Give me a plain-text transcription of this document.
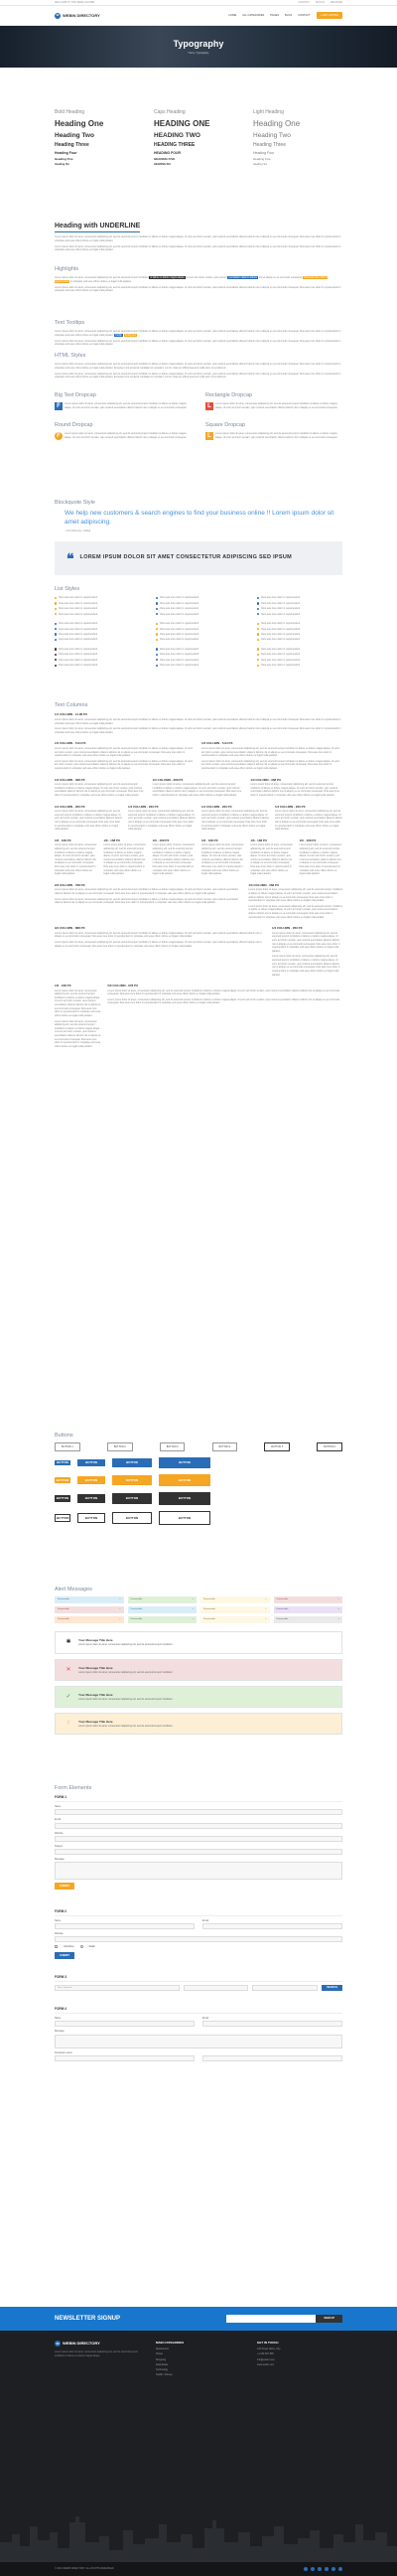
WELCOME TO THE MEDIA CENTER	CONTACT	SIGN IN	REGISTER
W WEBIN DIRECTORY	HOME ALL CATEGORIES PAGES BLOG CONTACT	+ ADD LISTING
Typography
Home / Typography
Bold Heading
Heading One
Heading Two
Heading Three
Heading Four
Heading Five
Heading Six
Caps Heading
HEADING ONE
HEADING TWO
HEADING THREE
HEADING FOUR
HEADING FIVE
HEADING SIX
Light Heading
Heading One
Heading Two
Heading Three
Heading Four
Heading Five
Heading Six
Heading with UNDERLINE

Lorem ipsum dolor sit amet, consectetur adipiscing elit, sed do eiusmod tempor incididunt ut labore et dolore magna aliqua. Ut enim ad minim veniam, quis nostrud exercitation ullamco laboris nisi ut aliquip ex ea commodo consequat. Duis aute irure dolor in reprehenderit in voluptate velit esse cillum dolore eu fugiat nulla pariatur.

Lorem ipsum dolor sit amet, consectetur adipiscing elit, sed do eiusmod tempor incididunt ut labore et dolore magna aliqua. Ut enim ad minim veniam, quis nostrud exercitation ullamco laboris nisi ut aliquip ex ea commodo consequat. Duis aute irure dolor in reprehenderit in voluptate velit esse cillum dolore eu fugiat nulla pariatur.

Highlights

Lorem ipsum dolor sit amet, consectetur adipiscing elit, sed do eiusmod tempor incididunt ut labore et dolore magna aliqua Ut enim ad minim veniam, quis nostrud exercitation ullamco laboris nisi ut aliquip ex ea commodo consequat. Duis aute irure dolor in reprehenderit in voluptate velit esse cillum dolore eu fugiat nulla pariatur.

Lorem ipsum dolor sit amet, consectetur adipiscing elit, sed do eiusmod tempor incididunt ut labore et dolore magna aliqua. Ut enim ad minim veniam, quis nostrud exercitation ullamco laboris nisi ut aliquip ex ea commodo consequat. Duis aute irure dolor in reprehenderit in voluptate velit esse cillum dolore eu fugiat nulla pariatur.

Text Tooltips

Lorem ipsum dolor sit amet, consectetur adipiscing elit, sed do eiusmod tempor incididunt ut labore et dolore magna aliqua. Ut enim ad minim veniam, quis nostrud exercitation ullamco laboris nisi ut aliquip ex ea commodo consequat. Duis aute irure dolor in reprehenderit in voluptate velit esse cillum dolore eu fugiat nulla pariatur. Tooltip Tooltip text

Lorem ipsum dolor sit amet, consectetur adipiscing elit, sed do eiusmod tempor incididunt ut labore et dolore magna aliqua. Ut enim ad minim veniam, quis nostrud exercitation ullamco laboris nisi ut aliquip ex ea commodo consequat. Duis aute irure dolor in reprehenderit in voluptate velit esse cillum dolore eu fugiat nulla pariatur.

HTML Styles

Lorem ipsum dolor sit amet, consectetur adipiscing elit, sed do eiusmod tempor incididunt ut labore et dolore magna aliqua. Ut enim ad minim veniam, quis nostrud exercitation ullamco laboris nisi ut aliquip ex ea commodo consequat. Duis aute irure dolor in reprehenderit in voluptate velit esse cillum dolore eu fugiat nulla pariatur. Excepteur sint occaecat cupidatat non proident, sunt in culpa qui officia deserunt mollit anim id est laborum.

Lorem ipsum dolor sit amet, consectetur adipiscing elit, sed do eiusmod tempor incididunt ut labore et dolore magna aliqua. Ut enim ad minim veniam, quis nostrud exercitation ullamco laboris nisi ut aliquip ex ea commodo consequat. Duis aute irure dolor in reprehenderit in voluptate velit esse cillum dolore eu fugiat nulla pariatur. Excepteur sint occaecat cupidatat non proident, sunt in culpa qui officia deserunt mollit anim id est laborum.

Big Text Dropcap
F	Lorem ipsum dolor sit amet, consectetur adipiscing elit, sed do eiusmod tempor incididunt ut labore et dolore magna aliqua. Ut enim ad minim veniam, quis nostrud exercitation ullamco laboris nisi ut aliquip ex ea commodo consequat.

Rectangle Dropcap
L	Lorem ipsum dolor sit amet, consectetur adipiscing elit, sed do eiusmod tempor incididunt ut labore et dolore magna aliqua. Ut enim ad minim veniam, quis nostrud exercitation ullamco laboris nisi ut aliquip ex ea commodo consequat.

Round Dropcap
F	Lorem ipsum dolor sit amet, consectetur adipiscing elit, sed do eiusmod tempor incididunt ut labore et dolore magna aliqua. Ut enim ad minim veniam, quis nostrud exercitation ullamco laboris nisi ut aliquip ex ea commodo consequat.

Square Dropcap
L	Lorem ipsum dolor sit amet, consectetur adipiscing elit, sed do eiusmod tempor incididunt ut labore et dolore magna aliqua. Ut enim ad minim veniam, quis nostrud exercitation ullamco laboris nisi ut aliquip ex ea commodo consequat.

Blockquote Style
We help new customers & search engines to find your business online !! Lorem ipsum dolor sit amet adipiscing.
- John Makenzie, Gillfiad
❝ LOREM IPSUM DOLOR SIT AMET CONSECTETUR ADIPISCING SED IPSUM
List Styles
Duis aute irure dolor in reprehenderit
Duis aute irure dolor in reprehenderit
Duis aute irure dolor in reprehenderit
Duis aute irure dolor in reprehenderit
Duis aute irure dolor in reprehenderit
Duis aute irure dolor in reprehenderit
Duis aute irure dolor in reprehenderit
Duis aute irure dolor in reprehenderit
Duis aute irure dolor in reprehenderit
Duis aute irure dolor in reprehenderit
Duis aute irure dolor in reprehenderit
Duis aute irure dolor in reprehenderit
Duis aute irure dolor in reprehenderit
Duis aute irure dolor in reprehenderit
Duis aute irure dolor in reprehenderit
Duis aute irure dolor in reprehenderit
Duis aute irure dolor in reprehenderit
Duis aute irure dolor in reprehenderit
Duis aute irure dolor in reprehenderit
Duis aute irure dolor in reprehenderit
Duis aute irure dolor in reprehenderit
Duis aute irure dolor in reprehenderit
Duis aute irure dolor in reprehenderit
Duis aute irure dolor in reprehenderit
Duis aute irure dolor in reprehenderit
Duis aute irure dolor in reprehenderit
Duis aute irure dolor in reprehenderit
Duis aute irure dolor in reprehenderit
Duis aute irure dolor in reprehenderit
Duis aute irure dolor in reprehenderit
Duis aute irure dolor in reprehenderit
Duis aute irure dolor in reprehenderit
Duis aute irure dolor in reprehenderit
Duis aute irure dolor in reprehenderit
Duis aute irure dolor in reprehenderit
Duis aute irure dolor in reprehenderit
Text Columns
1/1 COLUMN - 11.98 PX

Lorem ipsum dolor sit amet, consectetur adipiscing elit, sed do eiusmod tempor incididunt ut labore et dolore magna aliqua. Ut enim ad minim veniam, quis nostrud exercitation ullamco laboris nisi ut aliquip ex ea commodo consequat. Duis aute irure dolor in reprehenderit in voluptate velit esse cillum dolore eu fugiat nulla pariatur.

Lorem ipsum dolor sit amet, consectetur adipiscing elit, sed do eiusmod tempor incididunt ut labore et dolore magna aliqua. Ut enim ad minim veniam, quis nostrud exercitation ullamco laboris nisi ut aliquip ex ea commodo consequat. Duis aute irure dolor in reprehenderit in voluptate velit esse cillum dolore eu fugiat nulla pariatur.

1/2 COLUMN - 5.94 PX

Lorem ipsum dolor sit amet, consectetur adipiscing elit, sed do eiusmod tempor incididunt ut labore et dolore magna aliqua. Ut enim ad minim veniam, quis nostrud exercitation ullamco laboris nisi ut aliquip ex ea commodo consequat. Duis aute irure dolor in reprehenderit in voluptate velit esse cillum dolore eu fugiat nulla pariatur.

Lorem ipsum dolor sit amet, consectetur adipiscing elit, sed do eiusmod tempor incididunt ut labore et dolore magna aliqua. Ut enim ad minim veniam, quis nostrud exercitation ullamco laboris nisi ut aliquip ex ea commodo consequat. Duis aute irure dolor in reprehenderit in voluptate velit esse cillum dolore eu fugiat nulla pariatur.

1/2 COLUMN - 5.94 PX

Lorem ipsum dolor sit amet, consectetur adipiscing elit, sed do eiusmod tempor incididunt ut labore et dolore magna aliqua. Ut enim ad minim veniam, quis nostrud exercitation ullamco laboris nisi ut aliquip ex ea commodo consequat. Duis aute irure dolor in reprehenderit in voluptate velit esse cillum dolore eu fugiat nulla pariatur.

Lorem ipsum dolor sit amet, consectetur adipiscing elit, sed do eiusmod tempor incididunt ut labore et dolore magna aliqua. Ut enim ad minim veniam, quis nostrud exercitation ullamco laboris nisi ut aliquip ex ea commodo consequat. Duis aute irure dolor in reprehenderit in voluptate velit esse cillum dolore eu fugiat nulla pariatur.

1/3 COLUMN - 368 PX

Lorem ipsum dolor sit amet, consectetur adipiscing elit, sed do eiusmod tempor incididunt ut labore et dolore magna aliqua. Ut enim ad minim veniam, quis nostrud exercitation ullamco laboris nisi ut aliquip ex ea commodo consequat. Duis aute irure dolor in reprehenderit in voluptate velit esse cillum dolore eu fugiat nulla pariatur.

1/3 COLUMN - 368 PX

Lorem ipsum dolor sit amet, consectetur adipiscing elit, sed do eiusmod tempor incididunt ut labore et dolore magna aliqua. Ut enim ad minim veniam, quis nostrud exercitation ullamco laboris nisi ut aliquip ex ea commodo consequat. Duis aute irure dolor in reprehenderit in voluptate velit esse cillum dolore eu fugiat nulla pariatur.

1/3 COLUMN - 368 PX

Lorem ipsum dolor sit amet, consectetur adipiscing elit, sed do eiusmod tempor incididunt ut labore et dolore magna aliqua. Ut enim ad minim veniam, quis nostrud exercitation ullamco laboris nisi ut aliquip ex ea commodo consequat. Duis aute irure dolor in reprehenderit in voluptate velit esse cillum dolore eu fugiat nulla pariatur.

1/4 COLUMN - 263 PX

Lorem ipsum dolor sit amet, consectetur adipiscing elit, sed do eiusmod tempor incididunt ut labore et dolore magna aliqua. Ut enim ad minim veniam, quis nostrud exercitation ullamco laboris nisi ut aliquip ex ea commodo consequat. Duis aute irure dolor in reprehenderit in voluptate velit esse cillum dolore eu fugiat nulla pariatur.

1/4 COLUMN - 263 PX

Lorem ipsum dolor sit amet, consectetur adipiscing elit, sed do eiusmod tempor incididunt ut labore et dolore magna aliqua. Ut enim ad minim veniam, quis nostrud exercitation ullamco laboris nisi ut aliquip ex ea commodo consequat. Duis aute irure dolor in reprehenderit in voluptate velit esse cillum dolore eu fugiat nulla pariatur.

1/4 COLUMN - 263 PX

Lorem ipsum dolor sit amet, consectetur adipiscing elit, sed do eiusmod tempor incididunt ut labore et dolore magna aliqua. Ut enim ad minim veniam, quis nostrud exercitation ullamco laboris nisi ut aliquip ex ea commodo consequat. Duis aute irure dolor in reprehenderit in voluptate velit esse cillum dolore eu fugiat nulla pariatur.

1/4 COLUMN - 263 PX

Lorem ipsum dolor sit amet, consectetur adipiscing elit, sed do eiusmod tempor incididunt ut labore et dolore magna aliqua. Ut enim ad minim veniam, quis nostrud exercitation ullamco laboris nisi ut aliquip ex ea commodo consequat. Duis aute irure dolor in reprehenderit in voluptate velit esse cillum dolore eu fugiat nulla pariatur.

1/6 - 168 PX

Lorem ipsum dolor sit amet, consectetur adipiscing elit, sed do eiusmod tempor incididunt ut labore et dolore magna aliqua. Ut enim ad minim veniam, quis nostrud exercitation ullamco laboris nisi ut aliquip ex ea commodo consequat. Duis aute irure dolor in reprehenderit in voluptate velit esse cillum dolore eu fugiat nulla pariatur.

1/6 - 168 PX

Lorem ipsum dolor sit amet, consectetur adipiscing elit, sed do eiusmod tempor incididunt ut labore et dolore magna aliqua. Ut enim ad minim veniam, quis nostrud exercitation ullamco laboris nisi ut aliquip ex ea commodo consequat. Duis aute irure dolor in reprehenderit in voluptate velit esse cillum dolore eu fugiat nulla pariatur.

1/6 - 168 PX

Lorem ipsum dolor sit amet, consectetur adipiscing elit, sed do eiusmod tempor incididunt ut labore et dolore magna aliqua. Ut enim ad minim veniam, quis nostrud exercitation ullamco laboris nisi ut aliquip ex ea commodo consequat. Duis aute irure dolor in reprehenderit in voluptate velit esse cillum dolore eu fugiat nulla pariatur.

1/6 - 168 PX

Lorem ipsum dolor sit amet, consectetur adipiscing elit, sed do eiusmod tempor incididunt ut labore et dolore magna aliqua. Ut enim ad minim veniam, quis nostrud exercitation ullamco laboris nisi ut aliquip ex ea commodo consequat. Duis aute irure dolor in reprehenderit in voluptate velit esse cillum dolore eu fugiat nulla pariatur.

1/6 - 168 PX

Lorem ipsum dolor sit amet, consectetur adipiscing elit, sed do eiusmod tempor incididunt ut labore et dolore magna aliqua. Ut enim ad minim veniam, quis nostrud exercitation ullamco laboris nisi ut aliquip ex ea commodo consequat. Duis aute irure dolor in reprehenderit in voluptate velit esse cillum dolore eu fugiat nulla pariatur.

1/6 - 168 PX

Lorem ipsum dolor sit amet, consectetur adipiscing elit, sed do eiusmod tempor incididunt ut labore et dolore magna aliqua. Ut enim ad minim veniam, quis nostrud exercitation ullamco laboris nisi ut aliquip ex ea commodo consequat. Duis aute irure dolor in reprehenderit in voluptate velit esse cillum dolore eu fugiat nulla pariatur.

2/3 COLUMN - 768 PX

Lorem ipsum dolor sit amet, consectetur adipiscing elit, sed do eiusmod tempor incididunt ut labore et dolore magna aliqua. Ut enim ad minim veniam, quis nostrud exercitation ullamco laboris nisi ut aliquip ex ea commodo consequat. Duis aute irure dolor in reprehenderit in voluptate velit esse cillum dolore eu fugiat nulla pariatur.

Lorem ipsum dolor sit amet, consectetur adipiscing elit, sed do eiusmod tempor incididunt ut labore et dolore magna aliqua. Ut enim ad minim veniam, quis nostrud exercitation ullamco laboris nisi ut aliquip ex ea commodo consequat. Duis aute irure dolor in reprehenderit in voluptate velit esse cillum dolore eu fugiat nulla pariatur.

1/3 COLUMN - 368 PX

Lorem ipsum dolor sit amet, consectetur adipiscing elit, sed do eiusmod tempor incididunt ut labore et dolore magna aliqua. Ut enim ad minim veniam, quis nostrud exercitation ullamco laboris nisi ut aliquip ex ea commodo consequat. Duis aute irure dolor in reprehenderit in voluptate velit esse cillum dolore eu fugiat nulla pariatur.

Lorem ipsum dolor sit amet, consectetur adipiscing elit, sed do eiusmod tempor incididunt ut labore et dolore magna aliqua. Ut enim ad minim veniam, quis nostrud exercitation ullamco laboris nisi ut aliquip ex ea commodo consequat. Duis aute irure dolor in reprehenderit in voluptate velit esse cillum dolore eu fugiat nulla pariatur.

3/4 COLUMN - 888 PX

Lorem ipsum dolor sit amet, consectetur adipiscing elit, sed do eiusmod tempor incididunt ut labore et dolore magna aliqua. Ut enim ad minim veniam, quis nostrud exercitation ullamco laboris nisi ut aliquip ex ea commodo consequat. Duis aute irure dolor in reprehenderit in voluptate velit esse cillum dolore eu fugiat nulla pariatur.

Lorem ipsum dolor sit amet, consectetur adipiscing elit, sed do eiusmod tempor incididunt ut labore et dolore magna aliqua. Ut enim ad minim veniam, quis nostrud exercitation ullamco laboris nisi ut aliquip ex ea commodo consequat. Duis aute irure dolor in reprehenderit in voluptate velit esse cillum dolore eu fugiat nulla pariatur.

1/4 COLUMN - 263 PX

Lorem ipsum dolor sit amet, consectetur adipiscing elit, sed do eiusmod tempor incididunt ut labore et dolore magna aliqua. Ut enim ad minim veniam, quis nostrud exercitation ullamco laboris nisi ut aliquip ex ea commodo consequat. Duis aute irure dolor in reprehenderit in voluptate velit esse cillum dolore eu fugiat nulla pariatur.

Lorem ipsum dolor sit amet, consectetur adipiscing elit, sed do eiusmod tempor incididunt ut labore et dolore magna aliqua. Ut enim ad minim veniam, quis nostrud exercitation ullamco laboris nisi ut aliquip ex ea commodo consequat. Duis aute irure dolor in reprehenderit in voluptate velit esse cillum dolore eu fugiat nulla pariatur.

1/6 - 168 PX

Lorem ipsum dolor sit amet, consectetur adipiscing elit, sed do eiusmod tempor incididunt ut labore et dolore magna aliqua. Ut enim ad minim veniam, quis nostrud exercitation ullamco laboris nisi ut aliquip ex ea commodo consequat. Duis aute irure dolor in reprehenderit in voluptate velit esse cillum dolore eu fugiat nulla pariatur.

Lorem ipsum dolor sit amet, consectetur adipiscing elit, sed do eiusmod tempor incididunt ut labore et dolore magna aliqua. Ut enim ad minim veniam, quis nostrud exercitation ullamco laboris nisi ut aliquip ex ea commodo consequat. Duis aute irure dolor in reprehenderit in voluptate velit esse cillum dolore eu fugiat nulla pariatur.

5/6 COLUMN - 978 PX

Lorem ipsum dolor sit amet, consectetur adipiscing elit, sed do eiusmod tempor incididunt ut labore et dolore magna aliqua. Ut enim ad minim veniam, quis nostrud exercitation ullamco laboris nisi ut aliquip ex ea commodo consequat. Duis aute irure dolor in reprehenderit in voluptate velit esse cillum dolore eu fugiat nulla pariatur.

Lorem ipsum dolor sit amet, consectetur adipiscing elit, sed do eiusmod tempor incididunt ut labore et dolore magna aliqua. Ut enim ad minim veniam, quis nostrud exercitation ullamco laboris nisi ut aliquip ex ea commodo consequat. Duis aute irure dolor in reprehenderit in voluptate velit esse cillum dolore eu fugiat nulla pariatur.

Buttons
BUTTON 1	BUTTON 2	BUTTON 3	BUTTON 4	BUTTON 5	BUTTON 6
BUTTON	BUTTON	BUTTON	BUTTON
BUTTON	BUTTON	BUTTON	BUTTON
BUTTON	BUTTON	BUTTON	BUTTON
BUTTON	BUTTON	BUTTON	BUTTON
Alert Messages
Dismissable	×	Dismissable	×	Dismissable	×	Dismissable	×
Dismissable	×	Dismissable	×	Dismissable	×	Dismissable	×
Dismissable	×	Dismissable	×	Dismissable	×	Dismissable	×
✱	Your Message Title Here
Lorem ipsum dolor sit amet, consectetur adipiscing elit, sed do eiusmod tempor incididunt.
✕	Your Message Title Here
Lorem ipsum dolor sit amet, consectetur adipiscing elit, sed do eiusmod tempor incididunt.
✓	Your Message Title Here
Lorem ipsum dolor sit amet, consectetur adipiscing elit, sed do eiusmod tempor incididunt.
!	Your Message Title Here
Lorem ipsum dolor sit amet, consectetur adipiscing elit, sed do eiusmod tempor incididunt.
Form Elements
FORM 1
Name
Email
Website
Subject
Message
SUBMIT
FORM 2
Name	Email
Website
Checkbox	Radio
SUBMIT
FORM 3
Enter Keyword	SEARCH
FORM 4
Name	Email
Message
Dropdown select
NEWSLETTER SIGNUP	SIGN UP
W WEBIN DIRECTORY

Lorem ipsum dolor sit amet, consectetur adipiscing elit, sed do eiusmod tempor incididunt ut labore et dolore magna aliqua.

MAIN CATEGORIES
Restaurants
Hotels
Shopping
Real Estate
Technology
Health / Fitness
GET IN TOUCH
123 Street Name, City
+1 234 567 890
info@webin.com
www.webin.com
© 2016 WEBIN DIRECTORY. ALL RIGHTS RESERVED.
